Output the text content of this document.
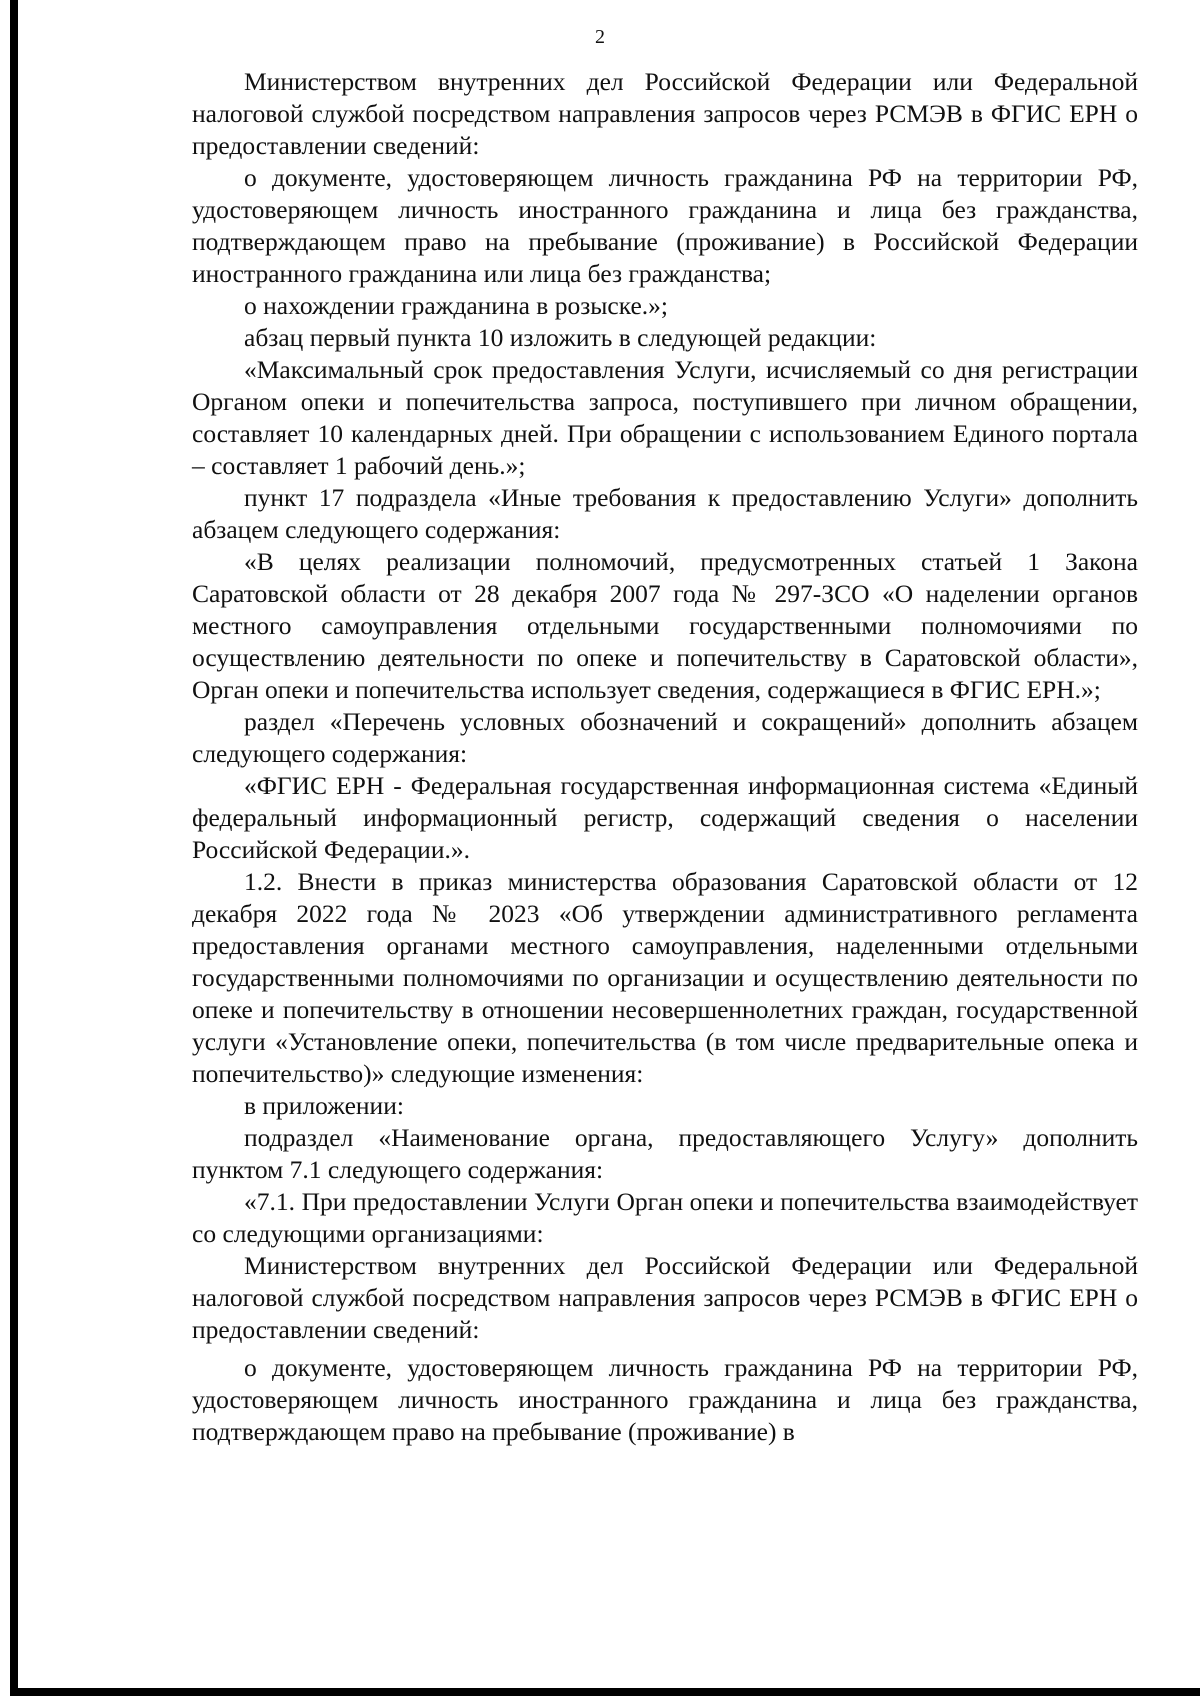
2

Министерством внутренних дел Российской Федерации или Федеральной налоговой службой посредством направления запросов через РСМЭВ в ФГИС ЕРН о предоставлении сведений:

о документе, удостоверяющем личность гражданина РФ на территории РФ, удостоверяющем личность иностранного гражданина и лица без гражданства, подтверждающем право на пребывание (проживание) в Российской Федерации иностранного гражданина или лица без гражданства;

о нахождении гражданина в розыске.»;

абзац первый пункта 10 изложить в следующей редакции:

«Максимальный срок предоставления Услуги, исчисляемый со дня регистрации Органом опеки и попечительства запроса, поступившего при личном обращении, составляет 10 календарных дней. При обращении с использованием Единого портала – составляет 1 рабочий день.»;

пункт 17 подраздела «Иные требования к предоставлению Услуги» дополнить абзацем следующего содержания:

«В целях реализации полномочий, предусмотренных статьей 1 Закона Саратовской области от 28 декабря 2007 года № 297-ЗСО «О наделении органов местного самоуправления отдельными государственными полномочиями по осуществлению деятельности по опеке и попечительству в Саратовской области», Орган опеки и попечительства использует сведения, содержащиеся в ФГИС ЕРН.»;

раздел «Перечень условных обозначений и сокращений» дополнить абзацем следующего содержания:

«ФГИС ЕРН - Федеральная государственная информационная система «Единый федеральный информационный регистр, содержащий сведения о населении Российской Федерации.».

1.2. Внести в приказ министерства образования Саратовской области от 12 декабря 2022 года № 2023 «Об утверждении административного регламента предоставления органами местного самоуправления, наделенными отдельными государственными полномочиями по организации и осуществлению деятельности по опеке и попечительству в отношении несовершеннолетних граждан, государственной услуги «Установление опеки, попечительства (в том числе предварительные опека и попечительство)» следующие изменения:

в приложении:

подраздел «Наименование органа, предоставляющего Услугу» дополнить пунктом 7.1 следующего содержания:

«7.1. При предоставлении Услуги Орган опеки и попечительства взаимодействует со следующими организациями:

Министерством внутренних дел Российской Федерации или Федеральной налоговой службой посредством направления запросов через РСМЭВ в ФГИС ЕРН о предоставлении сведений:

о документе, удостоверяющем личность гражданина РФ на территории РФ, удостоверяющем личность иностранного гражданина и лица без гражданства, подтверждающем право на пребывание (проживание) в
